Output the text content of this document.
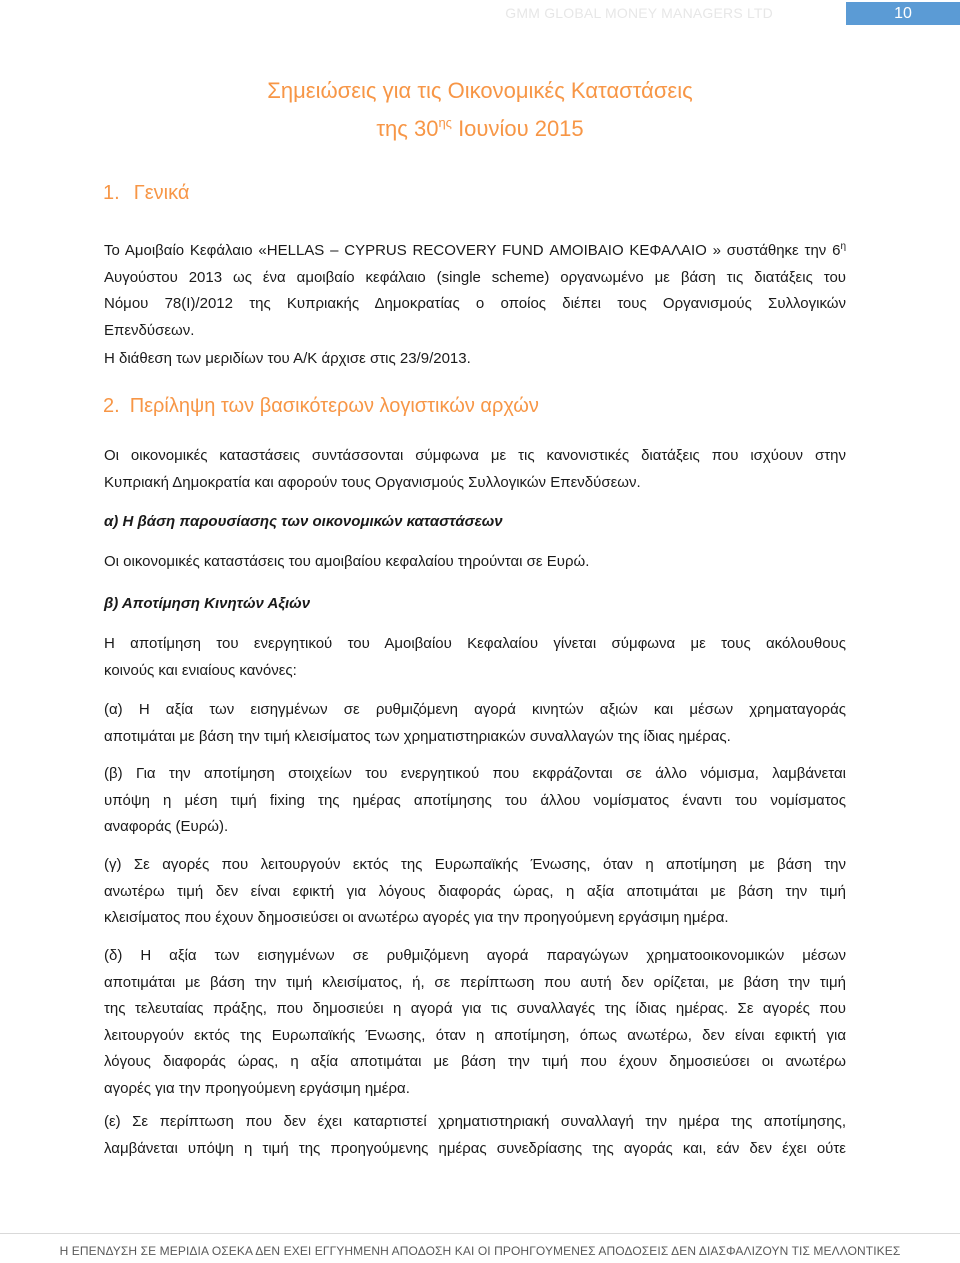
GMM GLOBAL MONEY MANAGERS LTD	10
Σημειώσεις για τις Οικονομικές Καταστάσεις
της $30^{\eta\varsigma}$ Ιουνίου 2015
1. Γενικά
Το Αμοιβαίο Κεφάλαιο «HELLAS – CYPRUS RECOVERY FUND ΑΜΟΙΒΑΙΟ ΚΕΦΑΛΑΙΟ » συστάθηκε την $6^\eta$
Αυγούστου 2013 ως ένα αμοιβαίο κεφάλαιο (single scheme) οργανωμένο με βάση τις διατάξεις του
Νόμου 78(Ι)/2012 της Κυπριακής Δημοκρατίας ο οποίος διέπει τους Οργανισμούς Συλλογικών
Επενδύσεων.
Η διάθεση των μεριδίων του Α/Κ άρχισε στις 23/9/2013.
2. Περίληψη των βασικότερων λογιστικών αρχών
Οι οικονομικές καταστάσεις συντάσσονται σύμφωνα με τις κανονιστικές διατάξεις που ισχύουν στην
Κυπριακή Δημοκρατία και αφορούν τους Οργανισμούς Συλλογικών Επενδύσεων.
α) Η βάση παρουσίασης των οικονομικών καταστάσεων
Οι οικονομικές καταστάσεις του αμοιβαίου κεφαλαίου τηρούνται σε Ευρώ.
β) Αποτίμηση Κινητών Αξιών
Η αποτίμηση του ενεργητικού του Αμοιβαίου Κεφαλαίου γίνεται σύμφωνα με τους ακόλουθους
κοινούς και ενιαίους κανόνες:
(α) Η αξία των εισηγμένων σε ρυθμιζόμενη αγορά κινητών αξιών και μέσων χρηματαγοράς
αποτιμάται με βάση την τιμή κλεισίματος των χρηματιστηριακών συναλλαγών της ίδιας ημέρας.
(β) Για την αποτίμηση στοιχείων του ενεργητικού που εκφράζονται σε άλλο νόμισμα, λαμβάνεται
υπόψη η μέση τιμή fixing της ημέρας αποτίμησης του άλλου νομίσματος έναντι του νομίσματος
αναφοράς (Ευρώ).
(γ) Σε αγορές που λειτουργούν εκτός της Ευρωπαϊκής Ένωσης, όταν η αποτίμηση με βάση την
ανωτέρω τιμή δεν είναι εφικτή για λόγους διαφοράς ώρας, η αξία αποτιμάται με βάση την τιμή
κλεισίματος που έχουν δημοσιεύσει οι ανωτέρω αγορές για την προηγούμενη εργάσιμη ημέρα.
(δ) Η αξία των εισηγμένων σε ρυθμιζόμενη αγορά παραγώγων χρηματοοικονομικών μέσων
αποτιμάται με βάση την τιμή κλεισίματος, ή, σε περίπτωση που αυτή δεν ορίζεται, με βάση την τιμή
της τελευταίας πράξης, που δημοσιεύει η αγορά για τις συναλλαγές της ίδιας ημέρας. Σε αγορές που
λειτουργούν εκτός της Ευρωπαϊκής Ένωσης, όταν η αποτίμηση, όπως ανωτέρω, δεν είναι εφικτή για
λόγους διαφοράς ώρας, η αξία αποτιμάται με βάση την τιμή που έχουν δημοσιεύσει οι ανωτέρω
αγορές για την προηγούμενη εργάσιμη ημέρα.
(ε) Σε περίπτωση που δεν έχει καταρτιστεί χρηματιστηριακή συναλλαγή την ημέρα της αποτίμησης,
λαμβάνεται υπόψη η τιμή της προηγούμενης ημέρας συνεδρίασης της αγοράς και, εάν δεν έχει ούτε
Η ΕΠΕΝΔΥΣΗ ΣΕ ΜΕΡΙΔΙΑ ΟΣΕΚΑ ΔΕΝ ΕΧΕΙ ΕΓΓΥΗΜΕΝΗ ΑΠΟΔΟΣΗ ΚΑΙ ΟΙ ΠΡΟΗΓΟΥΜΕΝΕΣ ΑΠΟΔΟΣΕΙΣ ΔΕΝ ΔΙΑΣΦΑΛΙΖΟΥΝ ΤΙΣ ΜΕΛΛΟΝΤΙΚΕΣ
